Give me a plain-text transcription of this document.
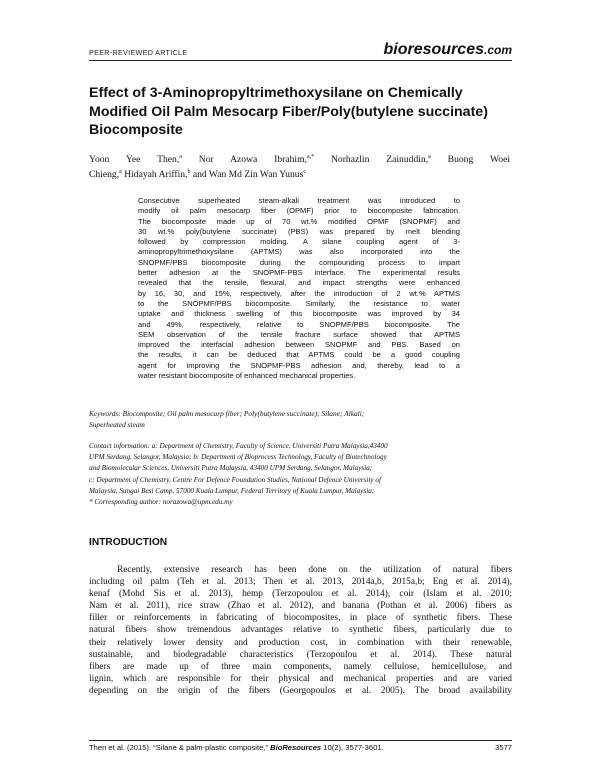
PEER-REVIEWED ARTICLE	bioresources.com
Effect of 3-Aminopropyltrimethoxysilane on Chemically Modified Oil Palm Mesocarp Fiber/Poly(butylene succinate) Biocomposite
Yoon Yee Then,$^a$ Nor Azowa Ibrahim,$^{a,*}$ Norhazlin Zainuddin,$^a$ Buong Woei
Chieng,$^a$ Hidayah Ariffin,$^b$ and Wan Md Zin Wan Yunus$^c$
Consecutive superheated steam-alkali treatment was introduced to
modify oil palm mesocarp fiber (OPMF) prior to biocomposite fabrication.
The biocomposite made up of 70 wt.% modified OPMF (SNOPMF) and
30 wt.% poly(butylene succinate) (PBS) was prepared by melt blending
followed by compression molding. A silane coupling agent of 3-
aminopropyltrimethoxysilane (APTMS) was also incorporated into the
SNOPMF/PBS biocomposite during the compounding process to impart
better adhesion at the SNOPMF-PBS interface. The experimental results
revealed that the tensile, flexural, and impact strengths were enhanced
by 16, 30, and 15%, respectively, after the introduction of 2 wt.% APTMS
to the SNOPMF/PBS biocomposite. Similarly, the resistance to water
uptake and thickness swelling of this biocomposite was improved by 34
and 49%, respectively, relative to SNOPMF/PBS biocomposite. The
SEM observation of the tensile fracture surface showed that APTMS
improved the interfacial adhesion between SNOPMF and PBS. Based on
the results, it can be deduced that APTMS could be a good coupling
agent for improving the SNOPMF-PBS adhesion and, thereby, lead to a
water resistant biocomposite of enhanced mechanical properties.
Keywords: Biocomposite; Oil palm mesocarp fiber; Poly(butylene succinate); Silane; Alkali;
Superheated steam
Contact information: a: Department of Chemistry, Faculty of Science, Universiti Putra Malaysia,43400
UPM Serdang, Selangor, Malaysia; b: Department of Bioprocess Technology, Faculty of Biotechnology
and Biomolecular Sciences, Universiti Putra Malaysia, 43400 UPM Serdang, Selangor, Malaysia;
c: Department of Chemistry, Centre For Defence Foundation Studies, National Defence University of
Malaysia, Sungai Besi Camp, 57000 Kuala Lumpur, Federal Territory of Kuala Lumpur, Malaysia;
* Corresponding author: norazowa@upm.edu.my
INTRODUCTION
Recently, extensive research has been done on the utilization of natural fibers
including oil palm (Teh et al. 2013; Then et al. 2013, 2014a,b, 2015a,b; Eng et al. 2014),
kenaf (Mohd Sis et al. 2013), hemp (Terzopoulou et al. 2014), coir (Islam et al. 2010;
Nam et al. 2011), rice straw (Zhao et al. 2012), and banana (Pothan et al. 2006) fibers as
filler or reinforcements in fabricating of biocomposites, in place of synthetic fibers. These
natural fibers show tremendous advantages relative to synthetic fibers, particularly due to
their relatively lower density and production cost, in combination with their renewable,
sustainable, and biodegradable characteristics (Terzopoulou et al. 2014). These natural
fibers are made up of three main components, namely cellulose, hemicellulose, and
lignin, which are responsible for their physical and mechanical properties and are varied
depending on the origin of the fibers (Georgopoulos et al. 2005). The broad availability
Then et al. (2015). “Silane & palm-plastic composite,” BioResources 10(2), 3577-3601.	3577
